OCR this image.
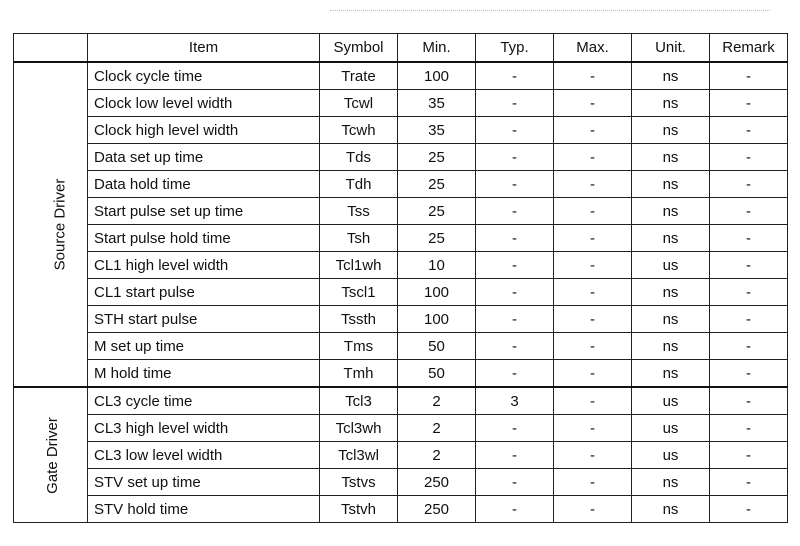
	Item	Symbol	Min.	Typ.	Max.	Unit.	Remark
Source Driver	Clock cycle time	Trate	100	-	-	ns	-
	Clock low level width	Tcwl	35	-	-	ns	-
	Clock high level width	Tcwh	35	-	-	ns	-
	Data set up time	Tds	25	-	-	ns	-
	Data hold time	Tdh	25	-	-	ns	-
	Start pulse set up time	Tss	25	-	-	ns	-
	Start pulse hold time	Tsh	25	-	-	ns	-
	CL1 high level width	Tcl1wh	10	-	-	us	-
	CL1 start pulse	Tscl1	100	-	-	ns	-
	STH start pulse	Tssth	100	-	-	ns	-
	M set up time	Tms	50	-	-	ns	-
	M hold time	Tmh	50	-	-	ns	-
Gate Driver	CL3 cycle time	Tcl3	2	3	-	us	-
	CL3 high level width	Tcl3wh	2	-	-	us	-
	CL3 low level width	Tcl3wl	2	-	-	us	-
	STV set up time	Tstvs	250	-	-	ns	-
	STV hold time	Tstvh	250	-	-	ns	-
